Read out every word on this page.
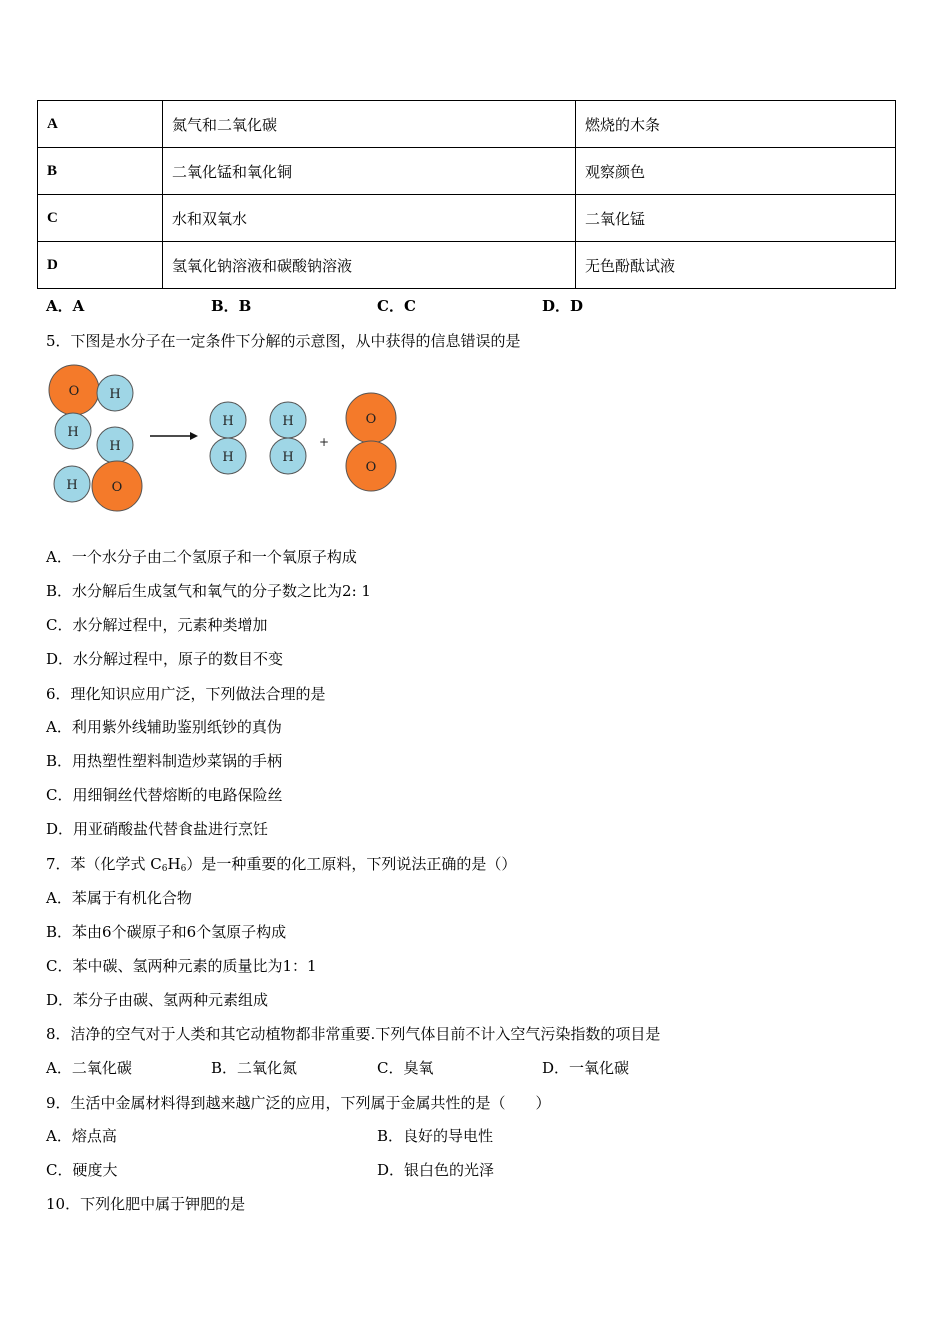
A	氮气和二氧化碳	燃烧的木条
B	二氧化锰和氧化铜	观察颜色
C	水和双氧水	二氧化锰
D	氢氧化钠溶液和碳酸钠溶液	无色酚酞试液
A．A	B．B	C．C	D．D
5．下图是水分子在一定条件下分解的示意图，从中获得的信息错误的是
O H
H
H
H	O
H
H
H
H
O
O
+
A．一个水分子由二个氢原子和一个氧原子构成
B．水分解后生成氢气和氧气的分子数之比为2: 1
C．水分解过程中，元素种类增加
D．水分解过程中，原子的数目不变
6．理化知识应用广泛，下列做法合理的是
A．利用紫外线辅助鉴别纸钞的真伪
B．用热塑性塑料制造炒菜锅的手柄
C．用细铜丝代替熔断的电路保险丝
D．用亚硝酸盐代替食盐进行烹饪
7．苯（化学式 $C_6H_6$）是一种重要的化工原料，下列说法正确的是（）
A．苯属于有机化合物
B．苯由6个碳原子和6个氢原子构成
C．苯中碳、氢两种元素的质量比为1：1
D．苯分子由碳、氢两种元素组成
8．洁净的空气对于人类和其它动植物都非常重要.下列气体目前不计入空气污染指数的项目是
A．二氧化碳	B．二氧化氮	C．臭氧	D．一氧化碳
9．生活中金属材料得到越来越广泛的应用，下列属于金属共性的是（　　）
A．熔点高	B．良好的导电性
C．硬度大	D．银白色的光泽
10．下列化肥中属于钾肥的是
